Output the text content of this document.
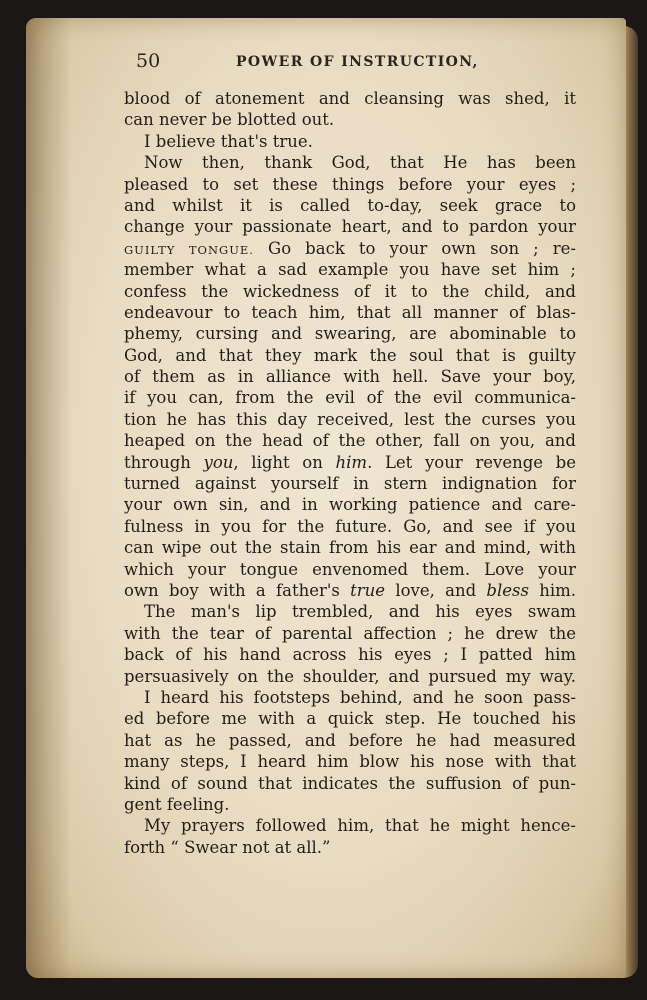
50	POWER OF INSTRUCTION,
blood of atonement and cleansing was shed, it
can never be blotted out.
I believe that's true.
Now then, thank God, that He has been
pleased to set these things before your eyes ;
and whilst it is called to-day, seek grace to
change your passionate heart, and to pardon your
GUILTY TONGUE. Go back to your own son ; re-
member what a sad example you have set him ;
confess the wickedness of it to the child, and
endeavour to teach him, that all manner of blas-
phemy, cursing and swearing, are abominable to
God, and that they mark the soul that is guilty
of them as in alliance with hell. Save your boy,
if you can, from the evil of the evil communica-
tion he has this day received, lest the curses you
heaped on the head of the other, fall on you, and
through you, light on him. Let your revenge be
turned against yourself in stern indignation for
your own sin, and in working patience and care-
fulness in you for the future. Go, and see if you
can wipe out the stain from his ear and mind, with
which your tongue envenomed them. Love your
own boy with a father's true love, and bless him.
The man's lip trembled, and his eyes swam
with the tear of parental affection ; he drew the
back of his hand across his eyes ; I patted him
persuasively on the shoulder, and pursued my way.
I heard his footsteps behind, and he soon pass-
ed before me with a quick step. He touched his
hat as he passed, and before he had measured
many steps, I heard him blow his nose with that
kind of sound that indicates the suffusion of pun-
gent feeling.
My prayers followed him, that he might hence-
forth “ Swear not at all.”
